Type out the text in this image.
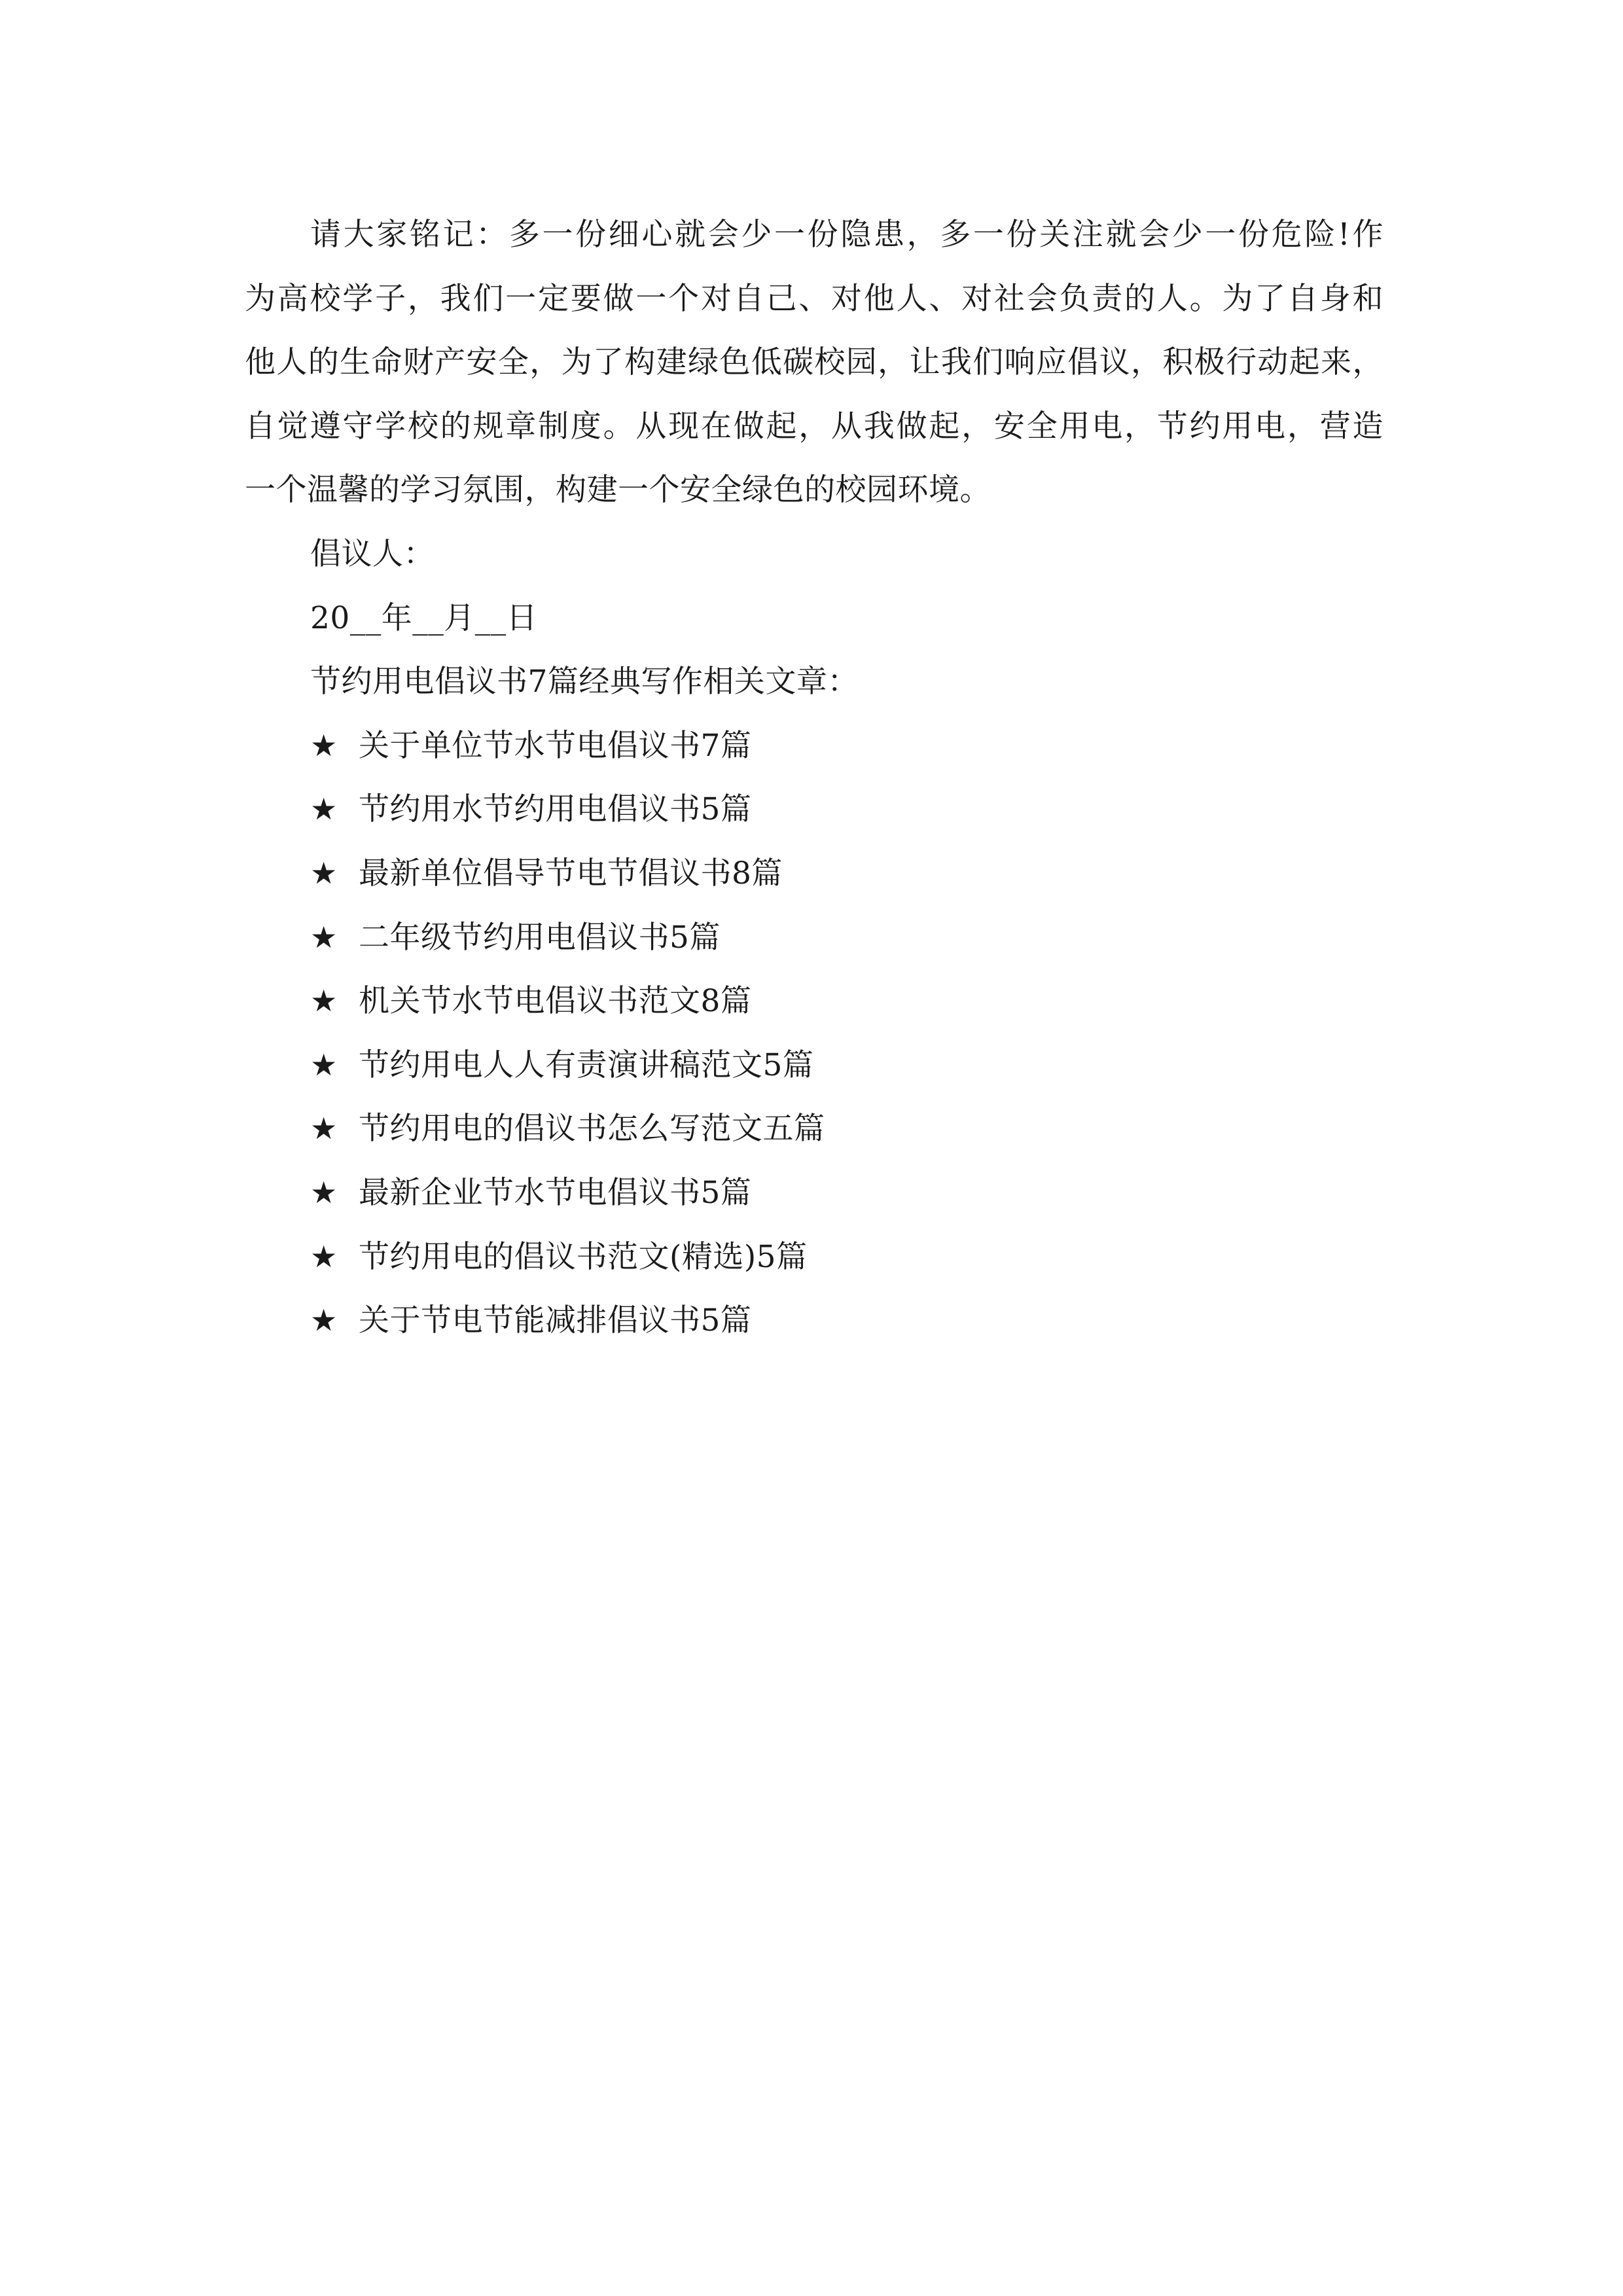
请大家铭记：多一份细心就会少一份隐患，多一份关注就会少一份危险!作
为高校学子，我们一定要做一个对自己、对他人、对社会负责的人。为了自身和
他人的生命财产安全，为了构建绿色低碳校园，让我们响应倡议，积极行动起来，
自觉遵守学校的规章制度。从现在做起，从我做起，安全用电，节约用电，营造
一个温馨的学习氛围，构建一个安全绿色的校园环境。
倡议人：
20__年__月__日
节约用电倡议书7篇经典写作相关文章：
★ 关于单位节水节电倡议书7篇
★ 节约用水节约用电倡议书5篇
★ 最新单位倡导节电节倡议书8篇
★ 二年级节约用电倡议书5篇
★ 机关节水节电倡议书范文8篇
★ 节约用电人人有责演讲稿范文5篇
★ 节约用电的倡议书怎么写范文五篇
★ 最新企业节水节电倡议书5篇
★ 节约用电的倡议书范文(精选)5篇
★ 关于节电节能减排倡议书5篇
